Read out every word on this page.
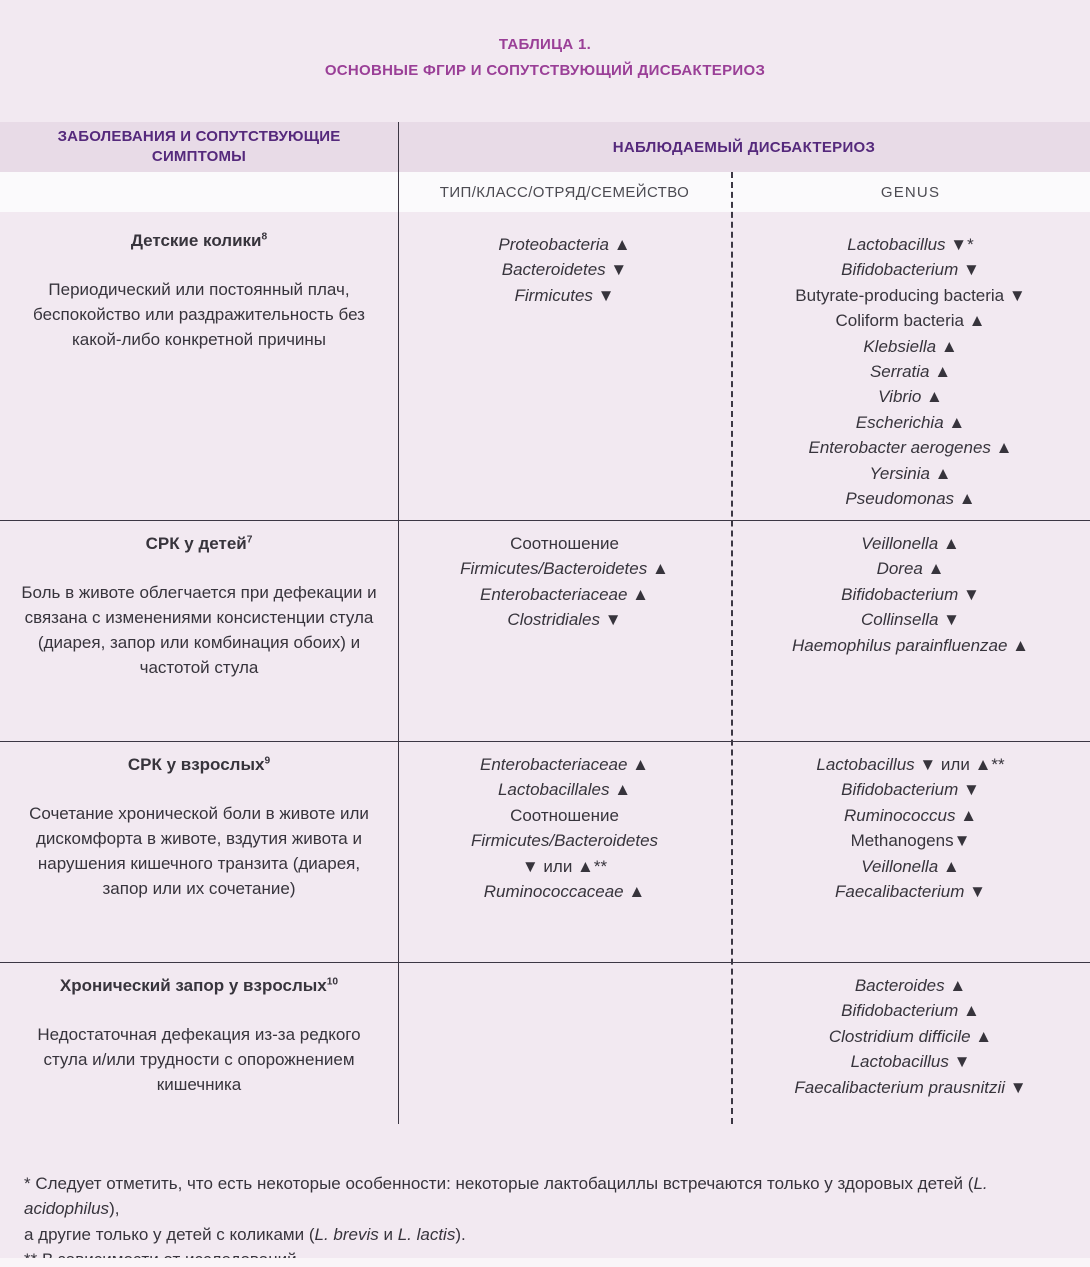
ТАБЛИЦА 1.
ОСНОВНЫЕ ФГИР И СОПУТСТВУЮЩИЙ ДИСБАКТЕРИОЗ
ЗАБОЛЕВАНИЯ И СОПУТСТВУЮЩИЕ СИМПТОМЫ
НАБЛЮДАЕМЫЙ ДИСБАКТЕРИОЗ
ТИП/КЛАСС/ОТРЯД/СЕМЕЙСТВО	GENUS
Детские колики$^8$
Периодический или постоянный плач, беспокойство или раздражительность без какой-либо конкретной причины
Proteobacteria ▲
Bacteroidetes ▼
Firmicutes ▼
Lactobacillus ▼*
Bifidobacterium ▼
Butyrate-producing bacteria ▼
Coliform bacteria ▲
Klebsiella ▲
Serratia ▲
Vibrio ▲
Escherichia ▲
Enterobacter aerogenes ▲
Yersinia ▲
Pseudomonas ▲
СРК у детей$^7$
Боль в животе облегчается при дефекации и связана с изменениями консистенции стула (диарея, запор или комбинация обоих) и частотой стула
Соотношение
Firmicutes/Bacteroidetes ▲
Enterobacteriaceae ▲
Clostridiales ▼
Veillonella ▲
Dorea ▲
Bifidobacterium ▼
Collinsella ▼
Haemophilus parainfluenzae ▲
СРК у взрослых$^9$
Сочетание хронической боли в животе или дискомфорта в животе, вздутия живота и нарушения кишечного транзита (диарея, запор или их сочетание)
Enterobacteriaceae ▲
Lactobacillales ▲
Соотношение
Firmicutes/Bacteroidetes
▼ или ▲**
Ruminococcaceae ▲
Lactobacillus ▼ или ▲**
Bifidobacterium ▼
Ruminococcus ▲
Methanogens▼
Veillonella ▲
Faecalibacterium ▼
Хронический запор у взрослых$^{10}$
Недостаточная дефекация из-за редкого стула и/или трудности с опорожнением кишечника
Bacteroides ▲
Bifidobacterium ▲
Clostridium difficile ▲
Lactobacillus ▼
Faecalibacterium prausnitzii ▼
* Следует отметить, что есть некоторые особенности: некоторые лактобациллы встречаются только у здоровых детей (L. acidophilus),
а другие только у детей с коликами (L. brevis и L. lactis).
